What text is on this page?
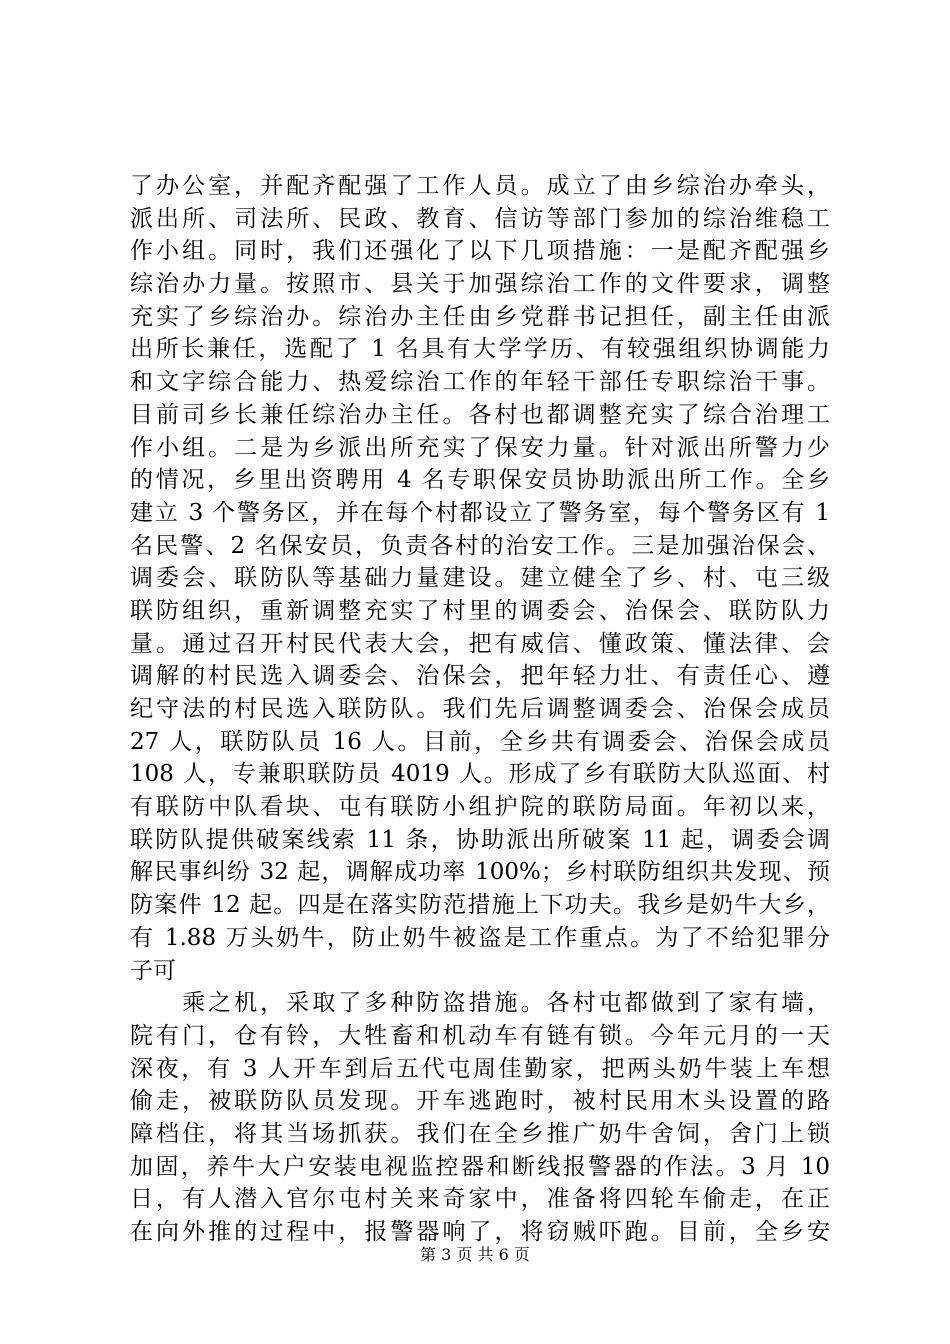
了办公室，并配齐配强了工作人员。成立了由乡综治办牵头，
派出所、司法所、民政、教育、信访等部门参加的综治维稳工
作小组。同时，我们还强化了以下几项措施：一是配齐配强乡
综治办力量。按照市、县关于加强综治工作的文件要求，调整
充实了乡综治办。综治办主任由乡党群书记担任，副主任由派
出所长兼任，选配了 1 名具有大学学历、有较强组织协调能力
和文字综合能力、热爱综治工作的年轻干部任专职综治干事。
目前司乡长兼任综治办主任。各村也都调整充实了综合治理工
作小组。二是为乡派出所充实了保安力量。针对派出所警力少
的情况，乡里出资聘用 4 名专职保安员协助派出所工作。全乡
建立 3 个警务区，并在每个村都设立了警务室，每个警务区有 1
名民警、2 名保安员，负责各村的治安工作。三是加强治保会、
调委会、联防队等基础力量建设。建立健全了乡、村、屯三级
联防组织，重新调整充实了村里的调委会、治保会、联防队力
量。通过召开村民代表大会，把有威信、懂政策、懂法律、会
调解的村民选入调委会、治保会，把年轻力壮、有责任心、遵
纪守法的村民选入联防队。我们先后调整调委会、治保会成员
27 人，联防队员 16 人。目前，全乡共有调委会、治保会成员
108 人，专兼职联防员 4019 人。形成了乡有联防大队巡面、村
有联防中队看块、屯有联防小组护院的联防局面。年初以来，
联防队提供破案线索 11 条，协助派出所破案 11 起，调委会调
解民事纠纷 32 起，调解成功率 100%；乡村联防组织共发现、预
防案件 12 起。四是在落实防范措施上下功夫。我乡是奶牛大乡，
有 1.88 万头奶牛，防止奶牛被盗是工作重点。为了不给犯罪分
子可
　　乘之机，采取了多种防盗措施。各村屯都做到了家有墙，
院有门，仓有铃，大牲畜和机动车有链有锁。今年元月的一天
深夜，有 3 人开车到后五代屯周佳勤家，把两头奶牛装上车想
偷走，被联防队员发现。开车逃跑时，被村民用木头设置的路
障档住，将其当场抓获。我们在全乡推广奶牛舍饲，舍门上锁
加固，养牛大户安装电视监控器和断线报警器的作法。3 月 10
日，有人潜入官尔屯村关来奇家中，准备将四轮车偷走，在正
在向外推的过程中，报警器响了，将窃贼吓跑。目前，全乡安
第 3 页 共 6 页
